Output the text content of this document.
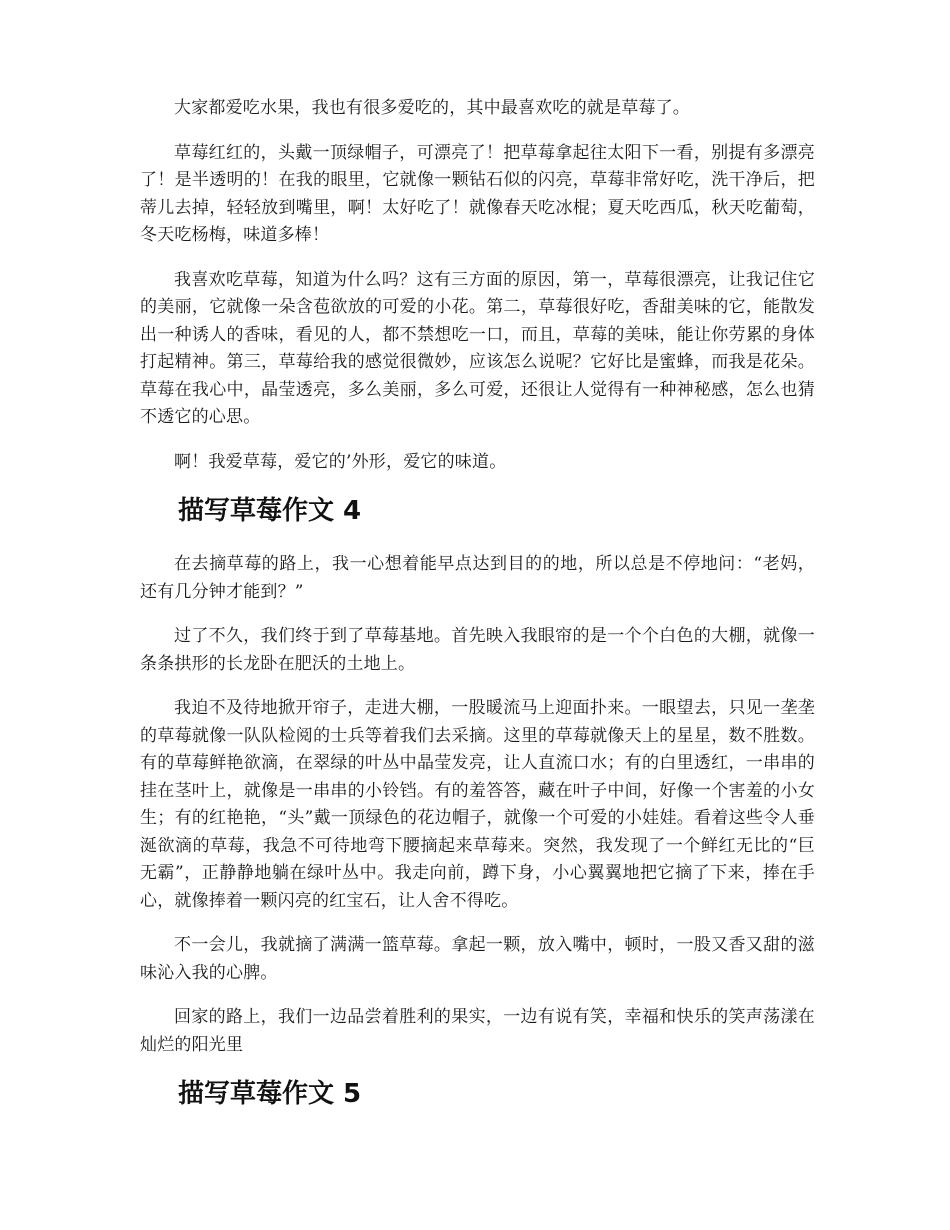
大家都爱吃水果，我也有很多爱吃的，其中最喜欢吃的就是草莓了。

草莓红红的，头戴一顶绿帽子，可漂亮了！把草莓拿起往太阳下一看，别提有多漂亮了！是半透明的！在我的眼里，它就像一颗钻石似的闪亮，草莓非常好吃，洗干净后，把蒂儿去掉，轻轻放到嘴里，啊！太好吃了！就像春天吃冰棍；夏天吃西瓜，秋天吃葡萄，冬天吃杨梅，味道多棒！

我喜欢吃草莓，知道为什么吗？这有三方面的原因，第一，草莓很漂亮，让我记住它的美丽，它就像一朵含苞欲放的可爱的小花。第二，草莓很好吃，香甜美味的它，能散发出一种诱人的香味，看见的人，都不禁想吃一口，而且，草莓的美味，能让你劳累的身体打起精神。第三，草莓给我的感觉很微妙，应该怎么说呢？它好比是蜜蜂，而我是花朵。草莓在我心中，晶莹透亮，多么美丽，多么可爱，还很让人觉得有一种神秘感，怎么也猜不透它的心思。

啊！我爱草莓，爱它的’外形，爱它的味道。

描写草莓作文 4

在去摘草莓的路上，我一心想着能早点达到目的的地，所以总是不停地问：“老妈，还有几分钟才能到？”

过了不久，我们终于到了草莓基地。首先映入我眼帘的是一个个白色的大棚，就像一条条拱形的长龙卧在肥沃的土地上。

我迫不及待地掀开帘子，走进大棚，一股暖流马上迎面扑来。一眼望去，只见一垄垄的草莓就像一队队检阅的士兵等着我们去采摘。这里的草莓就像天上的星星，数不胜数。有的草莓鲜艳欲滴，在翠绿的叶丛中晶莹发亮，让人直流口水；有的白里透红，一串串的挂在茎叶上，就像是一串串的小铃铛。有的羞答答，藏在叶子中间，好像一个害羞的小女生；有的红艳艳，“头”戴一顶绿色的花边帽子，就像一个可爱的小娃娃。看着这些令人垂涎欲滴的草莓，我急不可待地弯下腰摘起来草莓来。突然，我发现了一个鲜红无比的“巨无霸”，正静静地躺在绿叶丛中。我走向前，蹲下身，小心翼翼地把它摘了下来，捧在手心，就像捧着一颗闪亮的红宝石，让人舍不得吃。

不一会儿，我就摘了满满一篮草莓。拿起一颗，放入嘴中，顿时，一股又香又甜的滋味沁入我的心脾。

回家的路上，我们一边品尝着胜利的果实，一边有说有笑，幸福和快乐的笑声荡漾在灿烂的阳光里

描写草莓作文 5
